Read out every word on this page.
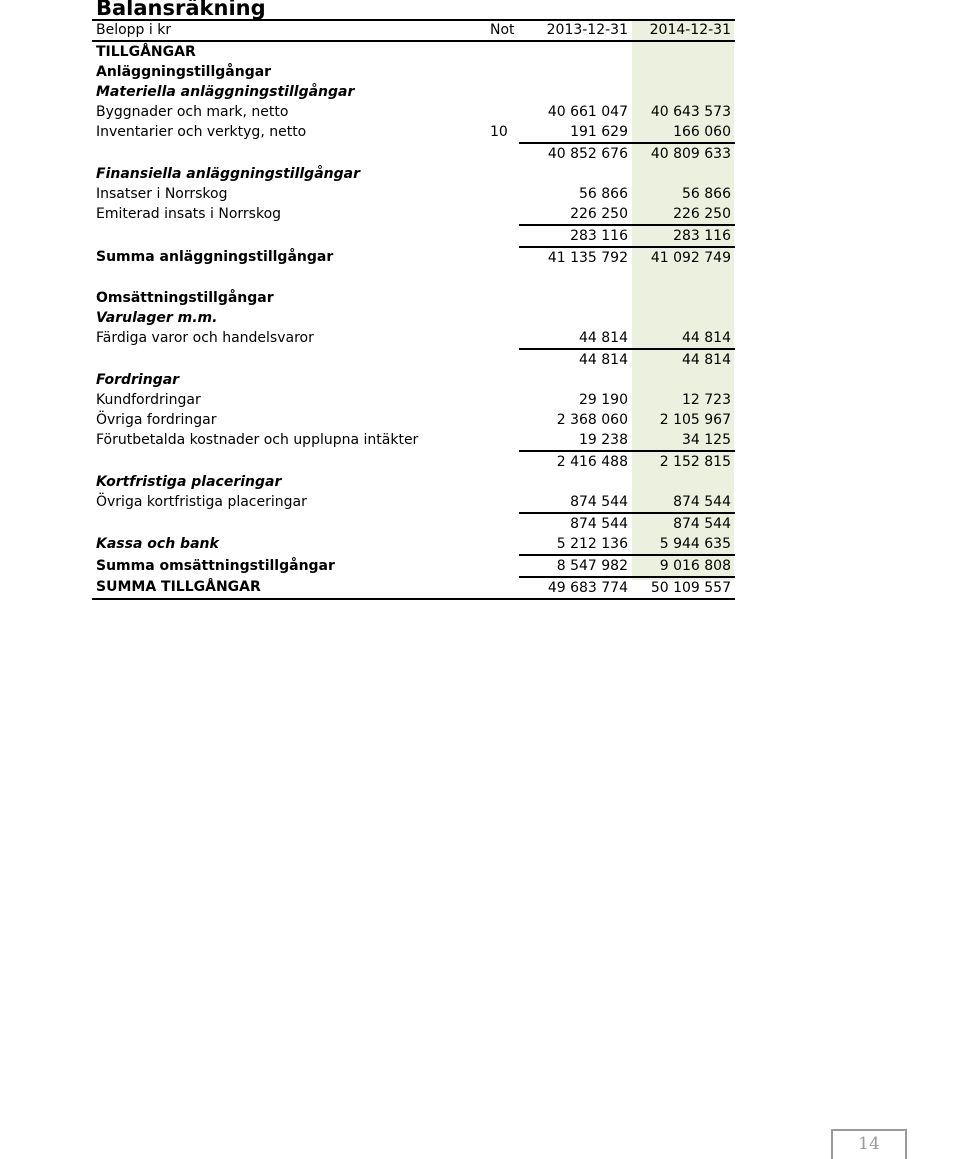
Balansräkning
Belopp i kr	Not	2013-12-31	2014-12-31
TILLGÅNGAR			
Anläggningstillgångar			
Materiella anläggningstillgångar			
Byggnader och mark, netto		40 661 047	40 643 573
Inventarier och verktyg, netto	10	191 629	166 060
		40 852 676	40 809 633
Finansiella anläggningstillgångar			
Insatser i Norrskog		56 866	56 866
Emiterad insats i Norrskog		226 250	226 250
		283 116	283 116
Summa anläggningstillgångar		41 135 792	41 092 749

Omsättningstillgångar			
Varulager m.m.			
Färdiga varor och handelsvaror		44 814	44 814
		44 814	44 814
Fordringar			
Kundfordringar		29 190	12 723
Övriga fordringar		2 368 060	2 105 967
Förutbetalda kostnader och upplupna intäkter		19 238	34 125
		2 416 488	2 152 815
Kortfristiga placeringar			
Övriga kortfristiga placeringar		874 544	874 544
		874 544	874 544
Kassa och bank		5 212 136	5 944 635
Summa omsättningstillgångar		8 547 982	9 016 808
SUMMA TILLGÅNGAR		49 683 774	50 109 557
14
